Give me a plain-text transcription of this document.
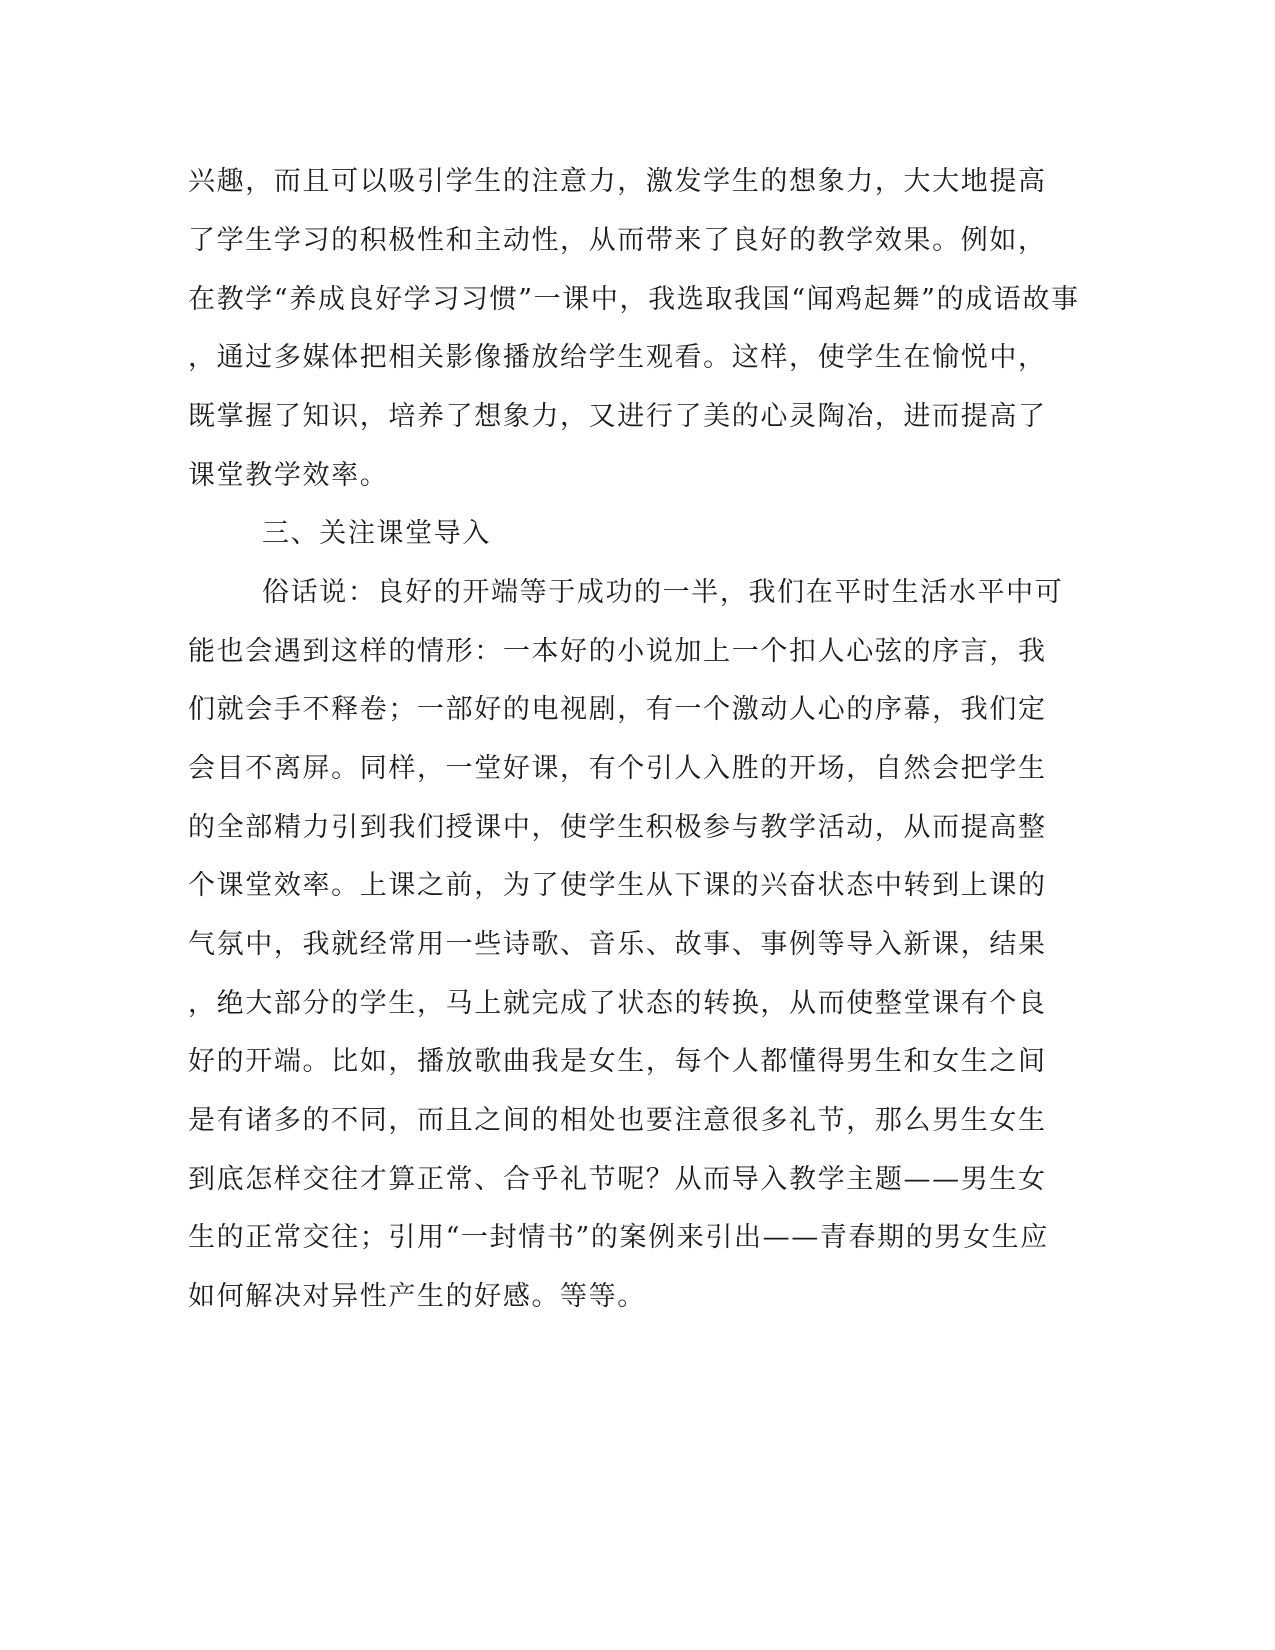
兴趣，而且可以吸引学生的注意力，激发学生的想象力，大大地提高
了学生学习的积极性和主动性，从而带来了良好的教学效果。例如，
在教学“养成良好学习习惯”一课中，我选取我国“闻鸡起舞”的成语故事
，通过多媒体把相关影像播放给学生观看。这样，使学生在愉悦中，
既掌握了知识，培养了想象力，又进行了美的心灵陶冶，进而提高了
课堂教学效率。
三、关注课堂导入
俗话说：良好的开端等于成功的一半，我们在平时生活水平中可
能也会遇到这样的情形：一本好的小说加上一个扣人心弦的序言，我
们就会手不释卷；一部好的电视剧，有一个激动人心的序幕，我们定
会目不离屏。同样，一堂好课，有个引人入胜的开场，自然会把学生
的全部精力引到我们授课中，使学生积极参与教学活动，从而提高整
个课堂效率。上课之前，为了使学生从下课的兴奋状态中转到上课的
气氛中，我就经常用一些诗歌、音乐、故事、事例等导入新课，结果
，绝大部分的学生，马上就完成了状态的转换，从而使整堂课有个良
好的开端。比如，播放歌曲我是女生，每个人都懂得男生和女生之间
是有诸多的不同，而且之间的相处也要注意很多礼节，那么男生女生
到底怎样交往才算正常、合乎礼节呢？从而导入教学主题——男生女
生的正常交往；引用“一封情书”的案例来引出——青春期的男女生应
如何解决对异性产生的好感。等等。
